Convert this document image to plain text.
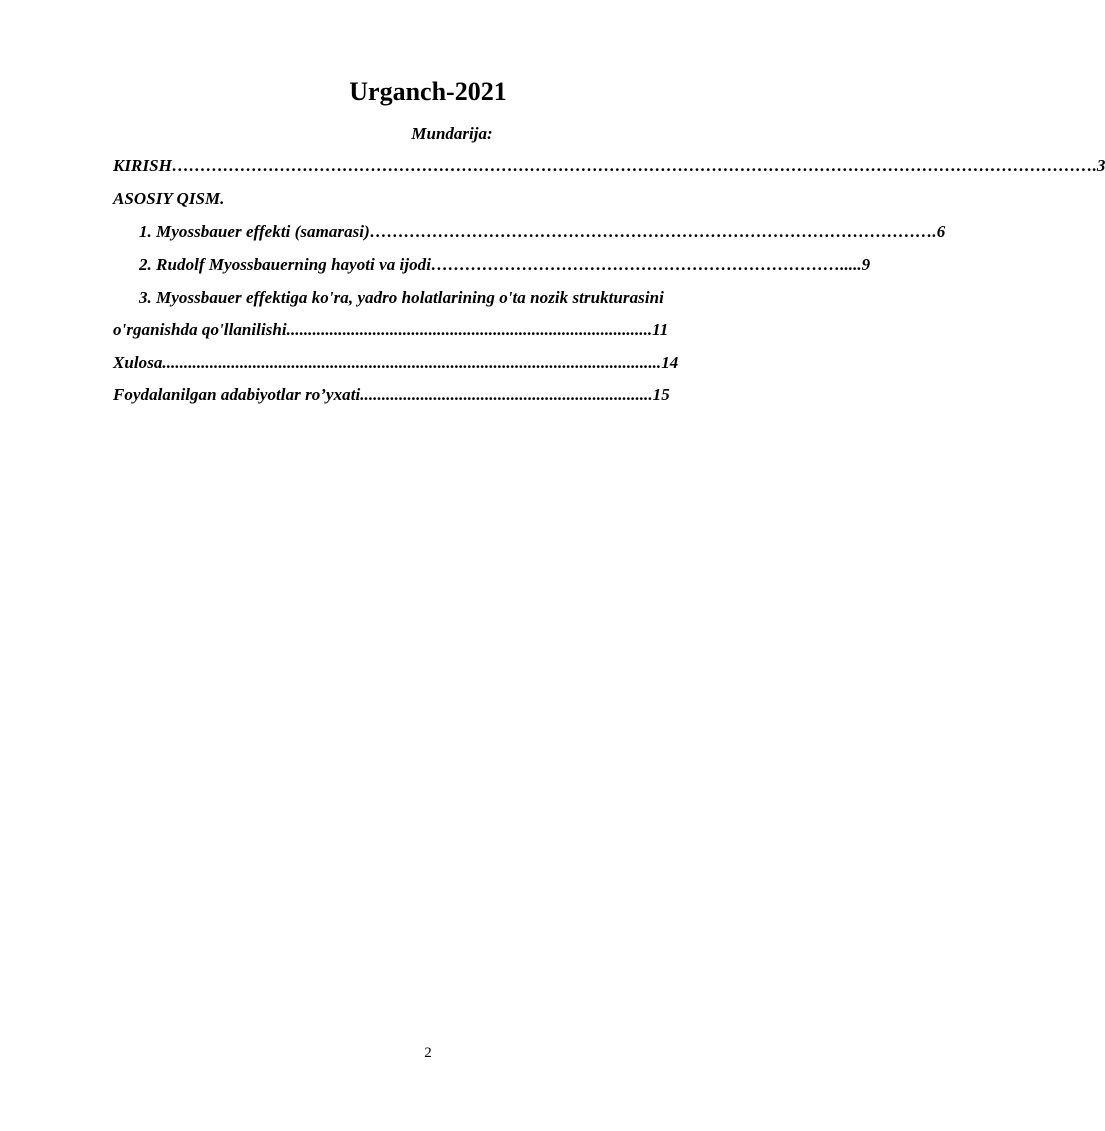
Urganch-2021
Mundarija:
KIRISH……………………………………………………………………………………………………………………………………………….3
ASOSIY QISM.
1. Myossbauer effekti (samarasi)……………………………………………………………………………………….6
2. Rudolf Myossbauerning hayoti va ijodi……………………………………………………………….....9
3. Myossbauer effektiga ko'ra, yadro holatlarining o'ta nozik strukturasini
o'rganishda qo'llanilishi.....................................................................................11
Xulosa....................................................................................................................14
Foydalanilgan adabiyotlar ro’yxati....................................................................15
2
